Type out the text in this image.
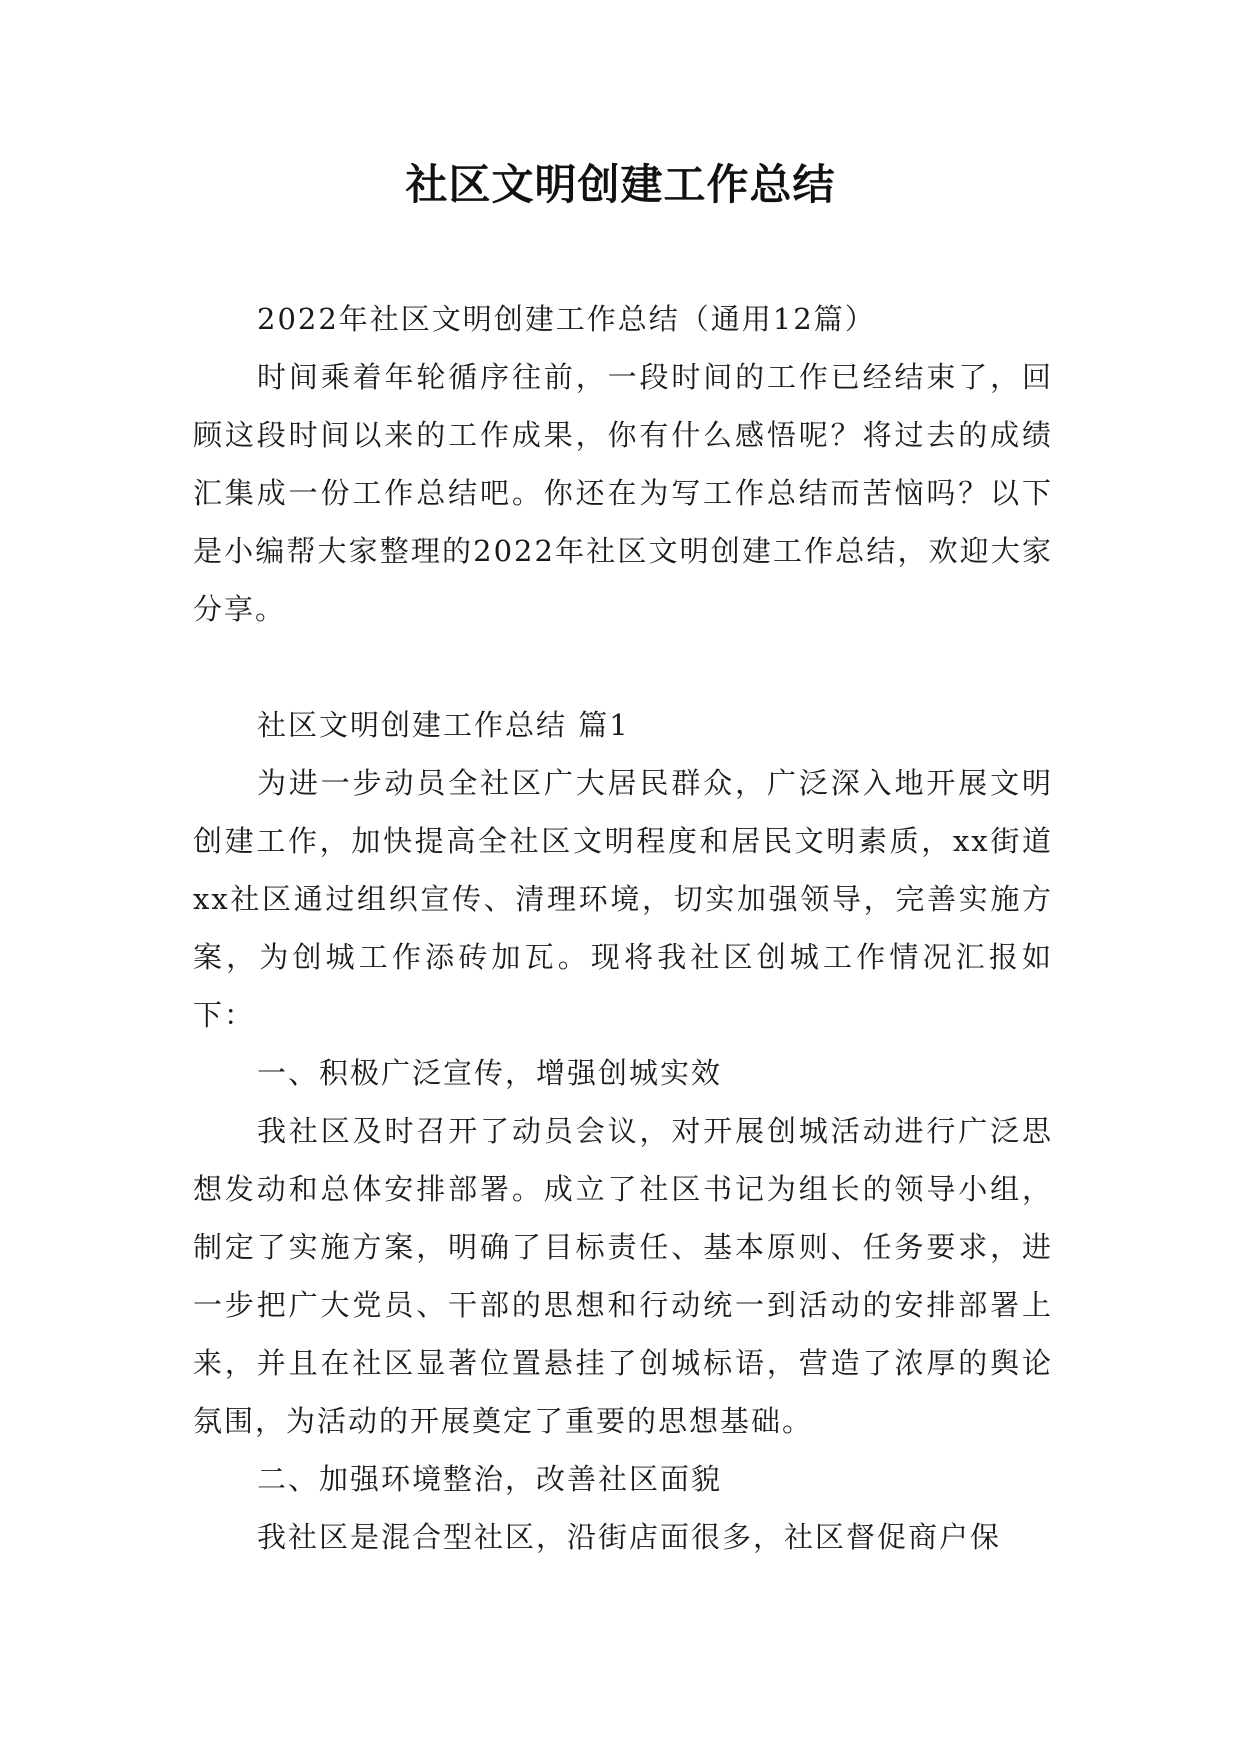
社区文明创建工作总结

2022年社区文明创建工作总结（通用12篇）

时间乘着年轮循序往前，一段时间的工作已经结束了，回顾这段时间以来的工作成果，你有什么感悟呢？将过去的成绩汇集成一份工作总结吧。你还在为写工作总结而苦恼吗？以下是小编帮大家整理的2022年社区文明创建工作总结，欢迎大家分享。

社区文明创建工作总结 篇1

为进一步动员全社区广大居民群众，广泛深入地开展文明创建工作，加快提高全社区文明程度和居民文明素质，xx街道xx社区通过组织宣传、清理环境，切实加强领导，完善实施方案，为创城工作添砖加瓦。现将我社区创城工作情况汇报如下：

一、积极广泛宣传，增强创城实效

我社区及时召开了动员会议，对开展创城活动进行广泛思想发动和总体安排部署。成立了社区书记为组长的领导小组，制定了实施方案，明确了目标责任、基本原则、任务要求，进一步把广大党员、干部的思想和行动统一到活动的安排部署上来，并且在社区显著位置悬挂了创城标语，营造了浓厚的舆论氛围，为活动的开展奠定了重要的思想基础。

二、加强环境整治，改善社区面貌

我社区是混合型社区，沿街店面很多，社区督促商户保
